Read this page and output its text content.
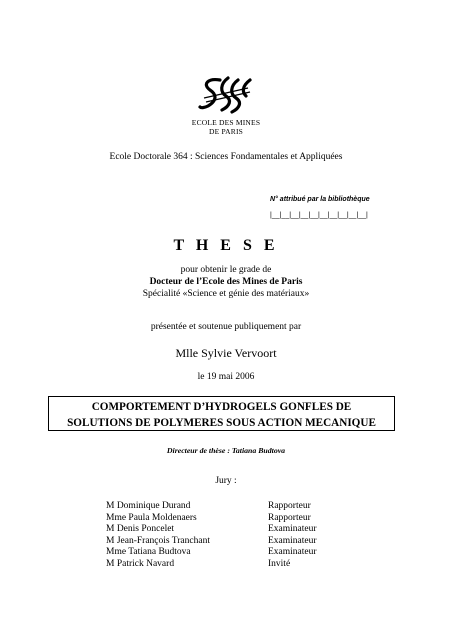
ECOLE DES MINES
DE PARIS
Ecole Doctorale 364 : Sciences Fondamentales et Appliquées
N° attribué par la bibliothèque
|__|__|__|__|__|__|__|__|__|__|
T H E S E
pour obtenir le grade de
Docteur de l’Ecole des Mines de Paris
Spécialité «Science et génie des matériaux»
présentée et soutenue publiquement par
Mlle Sylvie Vervoort
le 19 mai 2006
COMPORTEMENT D’HYDROGELS GONFLES DE
SOLUTIONS DE POLYMERES SOUS ACTION MECANIQUE
Directeur de thèse : Tatiana Budtova
Jury :
M Dominique Durand	Rapporteur
Mme Paula Moldenaers	Rapporteur
M Denis Poncelet	Examinateur
M Jean-François Tranchant	Examinateur
Mme Tatiana Budtova	Examinateur
M Patrick Navard	Invité
